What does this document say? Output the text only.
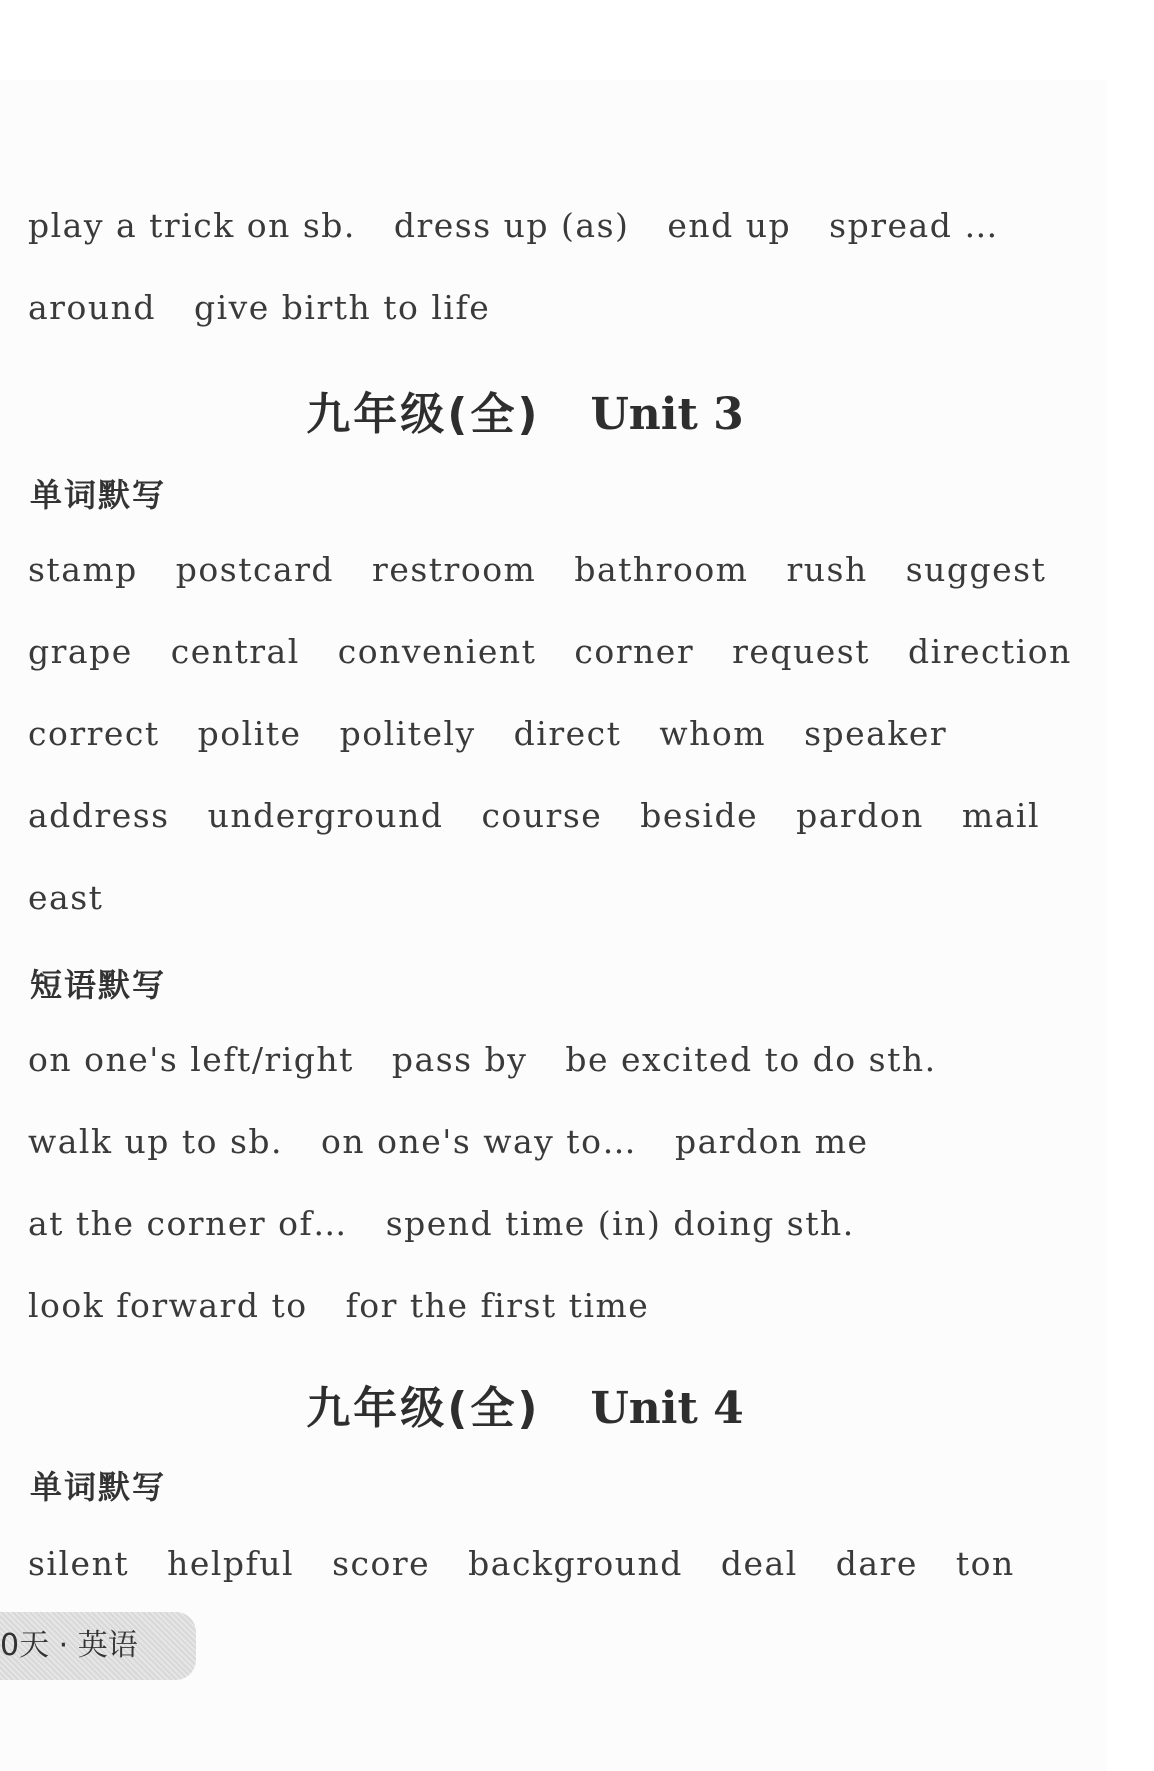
play a trick on sb. dress up (as) end up spread …
around give birth to life
九年级(全) Unit 3
单词默写
stamp postcard restroom bathroom rush suggest
grape central convenient corner request direction
correct polite politely direct whom speaker
address underground course beside pardon mail
east
短语默写
on one's left/right pass by be excited to do sth.
walk up to sb. on one's way to… pardon me
at the corner of… spend time (in) doing sth.
look forward to for the first time
九年级(全) Unit 4
单词默写
silent helpful score background deal dare ton
0天 · 英语
